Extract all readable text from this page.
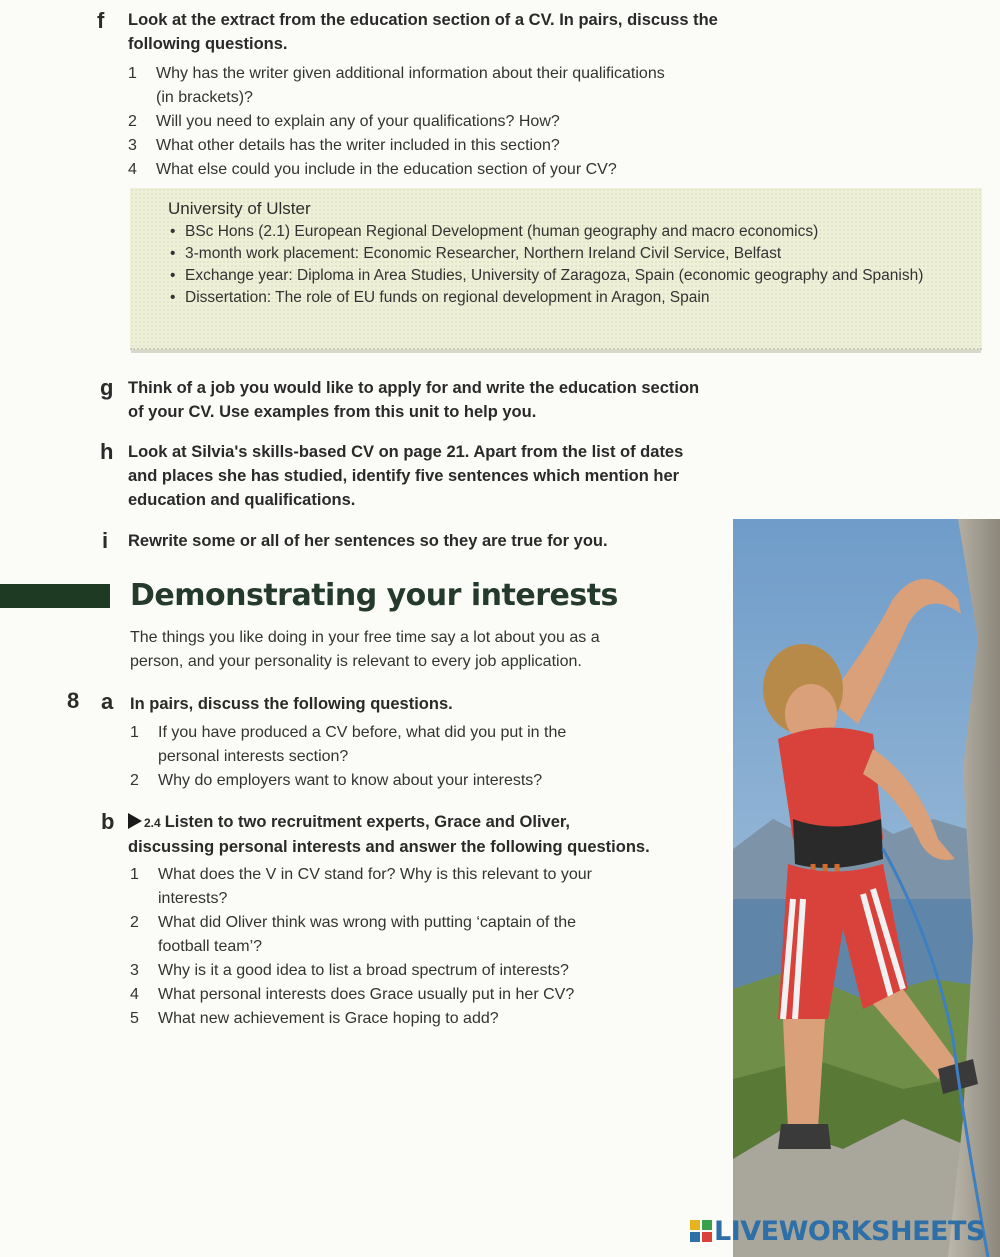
f Look at the extract from the education section of a CV. In pairs, discuss the
following questions.
1 Why has the writer given additional information about their qualifications
(in brackets)?
2 Will you need to explain any of your qualifications? How?
3 What other details has the writer included in this section?
4 What else could you include in the education section of your CV?
University of Ulster
• BSc Hons (2.1) European Regional Development (human geography and macro economics)
• 3-month work placement: Economic Researcher, Northern Ireland Civil Service, Belfast
• Exchange year: Diploma in Area Studies, University of Zaragoza, Spain (economic geography and Spanish)
• Dissertation: The role of EU funds on regional development in Aragon, Spain
g Think of a job you would like to apply for and write the education section
of your CV. Use examples from this unit to help you.
h Look at Silvia's skills-based CV on page 21. Apart from the list of dates
and places she has studied, identify five sentences which mention her
education and qualifications.
i Rewrite some or all of her sentences so they are true for you.
Demonstrating your interests
The things you like doing in your free time say a lot about you as a
person, and your personality is relevant to every job application.
8 a In pairs, discuss the following questions.
1 If you have produced a CV before, what did you put in the
personal interests section?
2 Why do employers want to know about your interests?
b	2.4 Listen to two recruitment experts, Grace and Oliver,
discussing personal interests and answer the following questions.
1 What does the V in CV stand for? Why is this relevant to your
interests?
2 What did Oliver think was wrong with putting ‘captain of the
football team’?
3 Why is it a good idea to list a broad spectrum of interests?
4 What personal interests does Grace usually put in her CV?
5 What new achievement is Grace hoping to add?
LIVEWORKSHEETS
